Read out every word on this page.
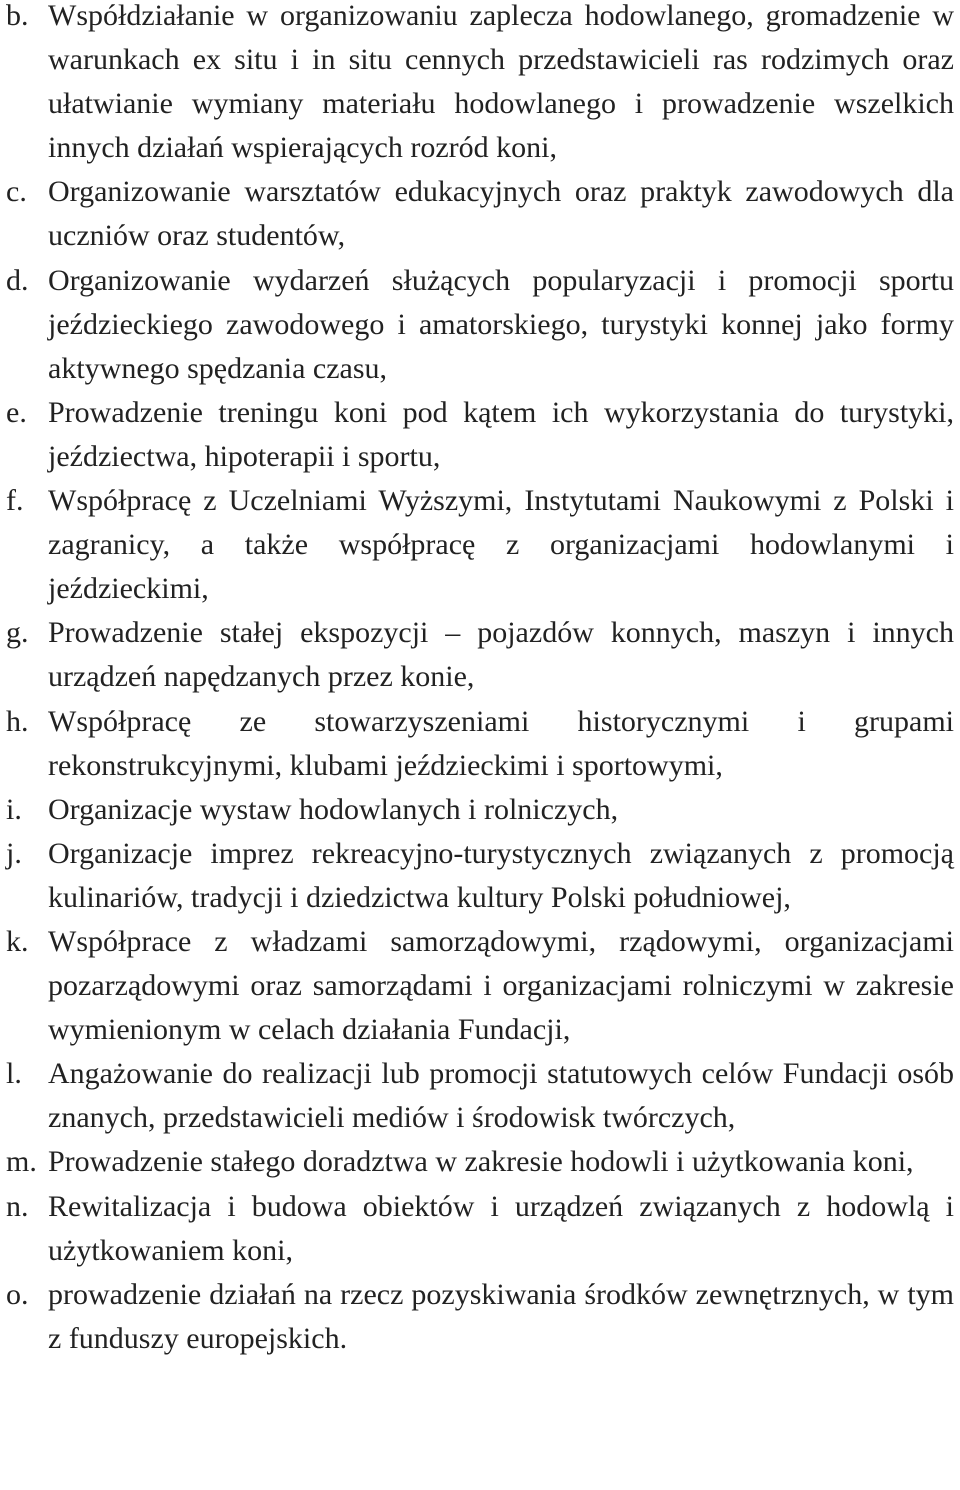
b. Współdziałanie w organizowaniu zaplecza hodowlanego, gromadzenie w warunkach ex situ i in situ cennych przedstawicieli ras rodzimych oraz ułatwianie wymiany materiału hodowlanego i prowadzenie wszelkich innych działań wspierających rozród koni,
c. Organizowanie warsztatów edukacyjnych oraz praktyk zawodowych dla uczniów oraz studentów,
d. Organizowanie wydarzeń służących popularyzacji i promocji sportu jeździeckiego zawodowego i amatorskiego, turystyki konnej jako formy aktywnego spędzania czasu,
e. Prowadzenie treningu koni pod kątem ich wykorzystania do turystyki, jeździectwa, hipoterapii i sportu,
f. Współpracę z Uczelniami Wyższymi, Instytutami Naukowymi z Polski i zagranicy, a także współpracę z organizacjami hodowlanymi i jeździeckimi,
g. Prowadzenie stałej ekspozycji – pojazdów konnych, maszyn i innych urządzeń napędzanych przez konie,
h. Współpracę ze stowarzyszeniami historycznymi i grupami rekonstrukcyjnymi, klubami jeździeckimi i sportowymi,
i. Organizacje wystaw hodowlanych i rolniczych,
j. Organizacje imprez rekreacyjno-turystycznych związanych z promocją kulinariów, tradycji i dziedzictwa kultury Polski południowej,
k. Współprace z władzami samorządowymi, rządowymi, organizacjami pozarządowymi oraz samorządami i organizacjami rolniczymi w zakresie wymienionym w celach działania Fundacji,
l. Angażowanie do realizacji lub promocji statutowych celów Fundacji osób znanych, przedstawicieli mediów i środowisk twórczych,
m. Prowadzenie stałego doradztwa w zakresie hodowli i użytkowania koni,
n. Rewitalizacja i budowa obiektów i urządzeń związanych z hodowlą i użytkowaniem koni,
o. prowadzenie działań na rzecz pozyskiwania środków zewnętrznych, w tym z funduszy europejskich.
